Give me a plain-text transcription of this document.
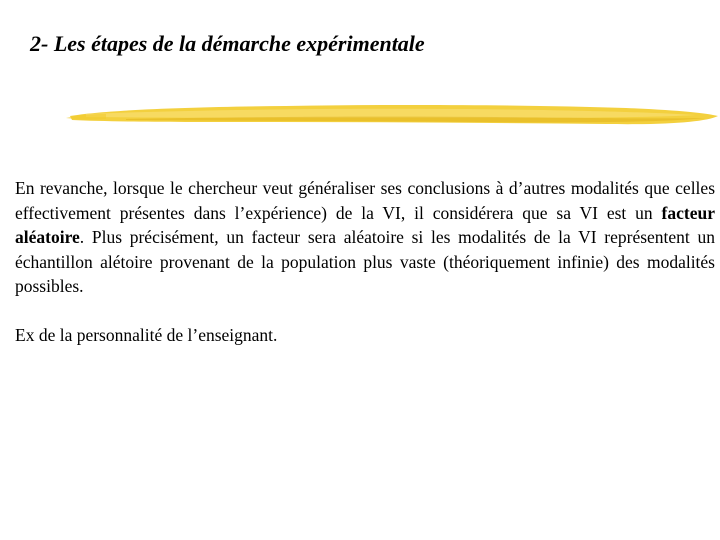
2- Les étapes de la démarche expérimentale

En revanche, lorsque le chercheur veut généraliser ses conclusions à d’autres modalités que celles effectivement présentes dans l’expérience) de la VI, il considérera que sa VI est un facteur aléatoire. Plus précisément, un facteur sera aléatoire si les modalités de la VI représentent un échantillon alétoire provenant de la population plus vaste (théoriquement infinie) des modalités possibles.

Ex de la personnalité de l’enseignant.
